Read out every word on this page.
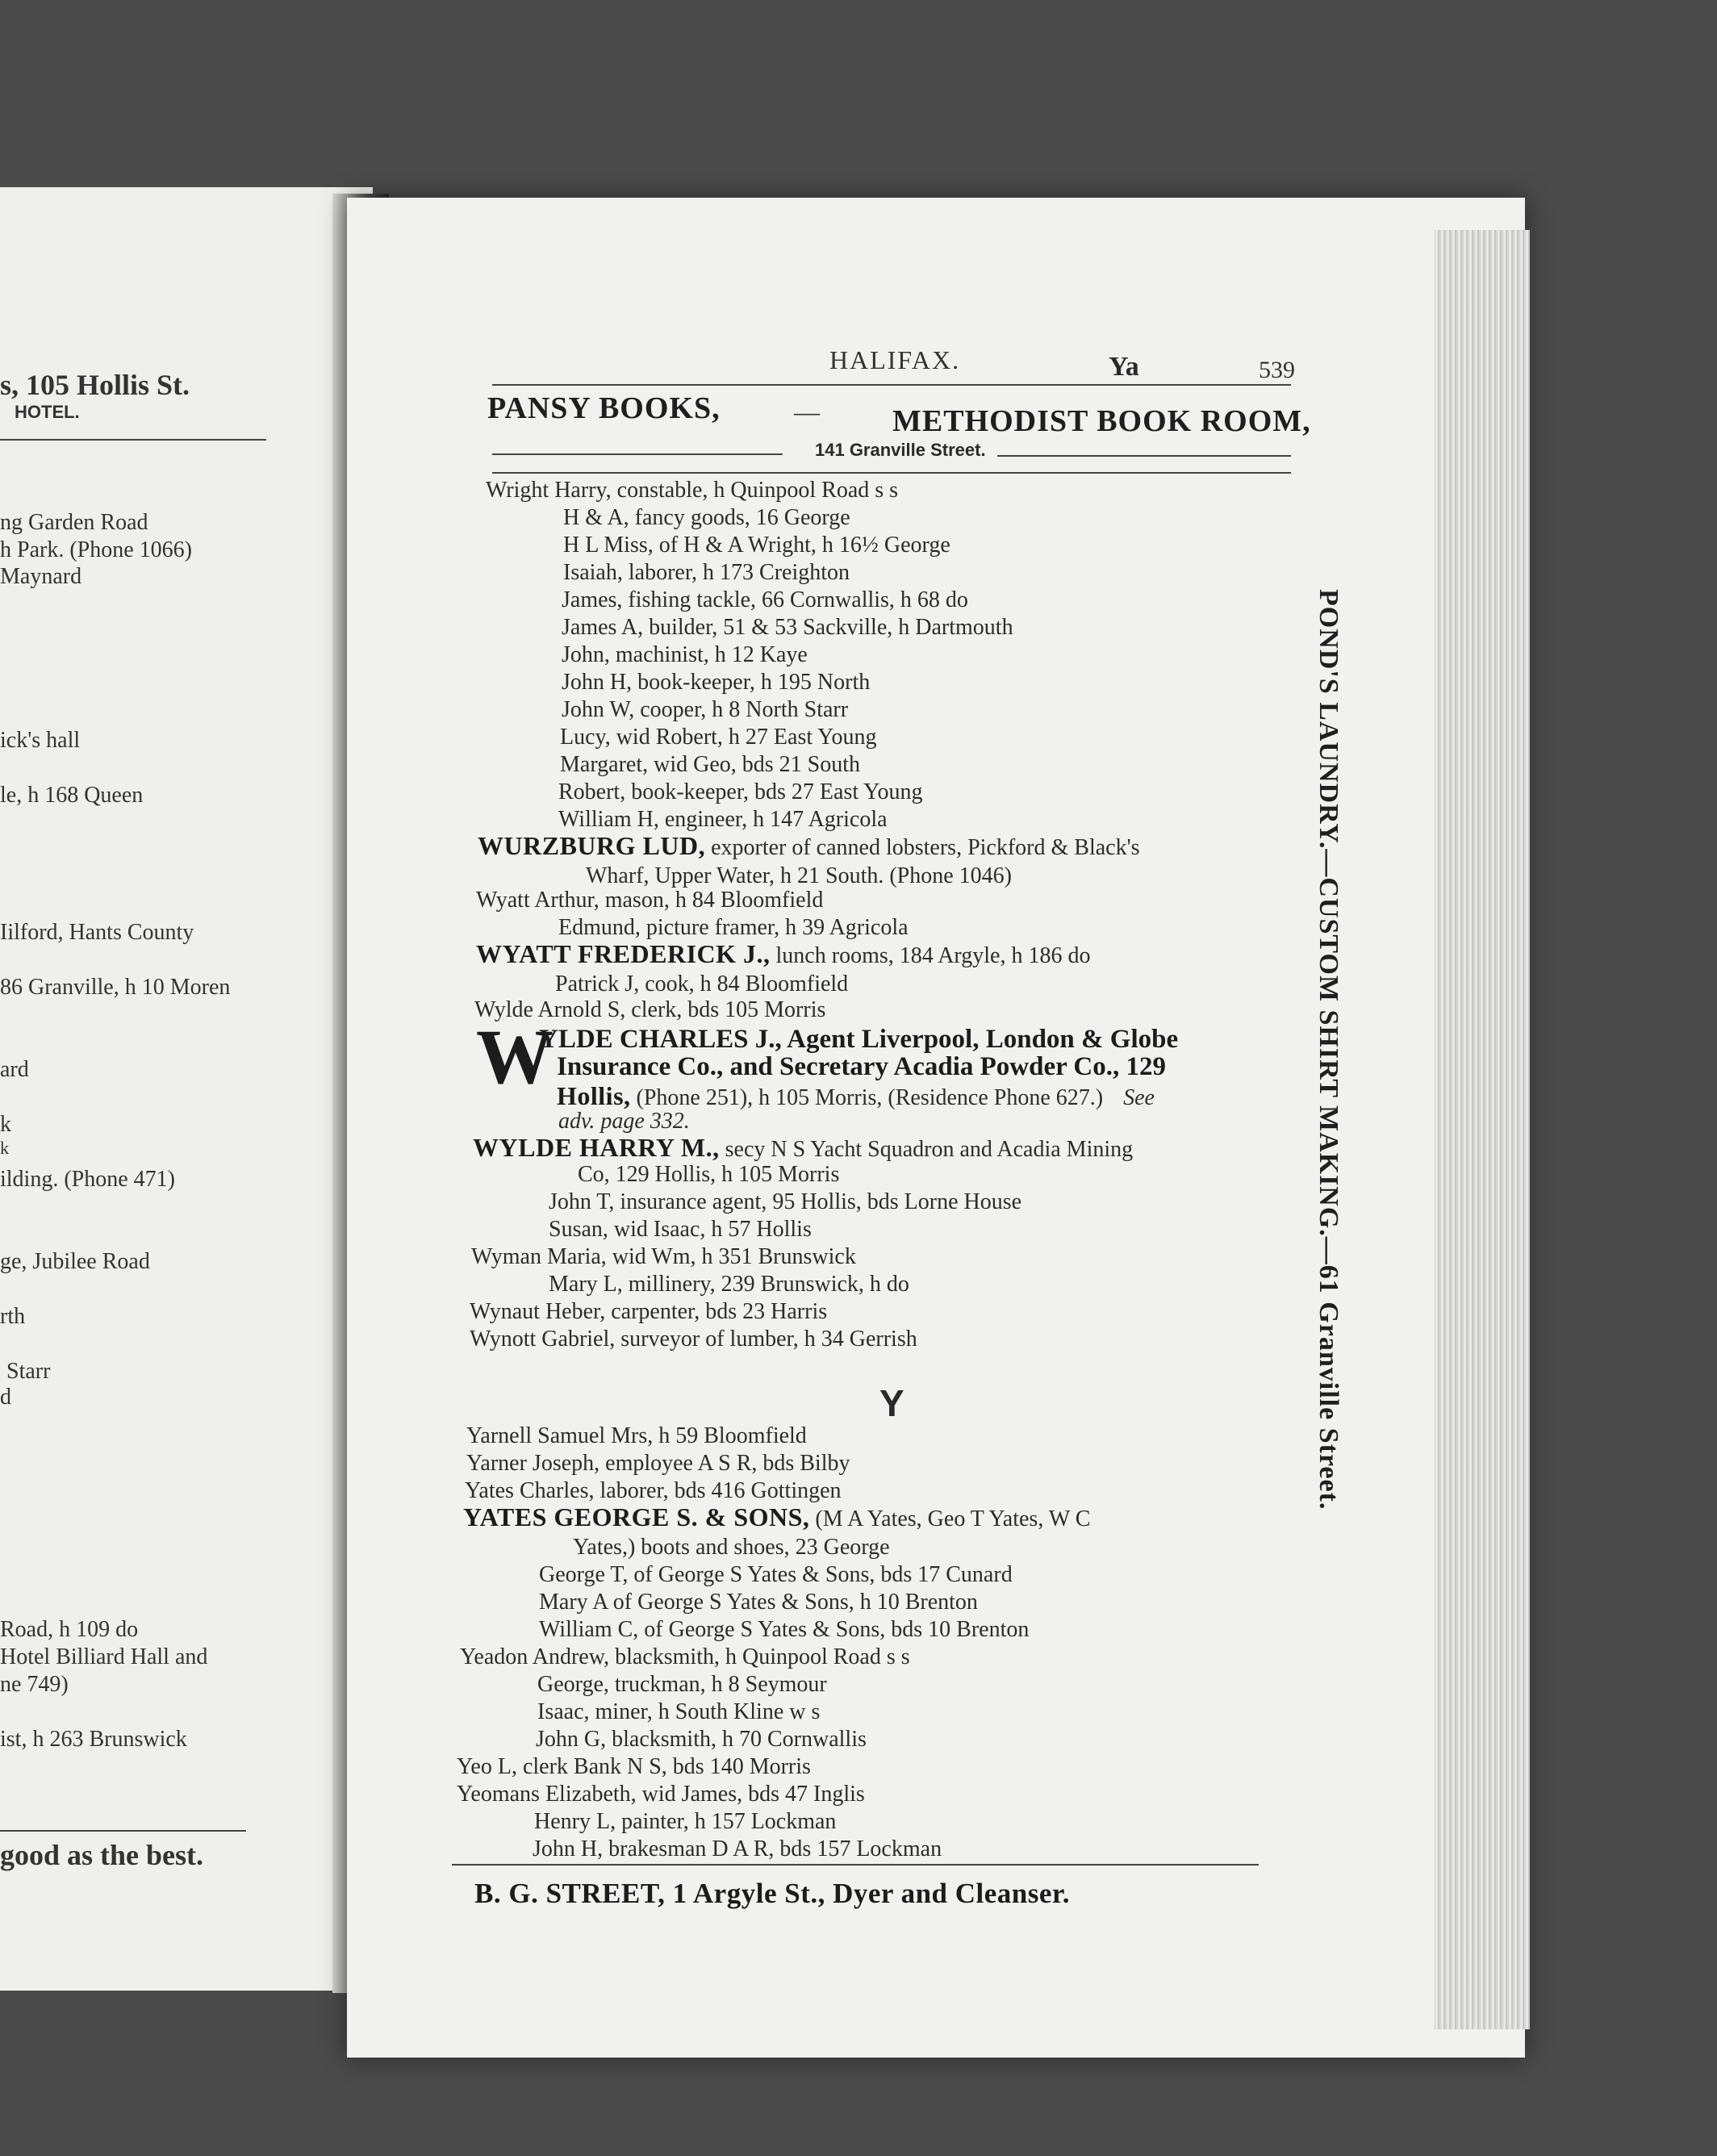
s, 105 Hollis St.
HOTEL.
ng Garden Road
h Park. (Phone 1066)
Maynard
ick's hall
le, h 168 Queen
Iilford, Hants County
86 Granville, h 10 Moren
ard
k
k
ilding. (Phone 471)
ge, Jubilee Road
rth
Starr
d
Road, h 109 do
Hotel Billiard Hall and
ne 749)
ist, h 263 Brunswick
good as the best.
HALIFAX.	Ya	539
PANSY BOOKS,	— METHODIST BOOK ROOM,
141 Granville Street.
Wright Harry, constable, h Quinpool Road s s
H & A, fancy goods, 16 George
H L Miss, of H & A Wright, h 16½ George
Isaiah, laborer, h 173 Creighton
James, fishing tackle, 66 Cornwallis, h 68 do
James A, builder, 51 & 53 Sackville, h Dartmouth
John, machinist, h 12 Kaye
John H, book-keeper, h 195 North
John W, cooper, h 8 North Starr
Lucy, wid Robert, h 27 East Young
Margaret, wid Geo, bds 21 South
Robert, book-keeper, bds 27 East Young
William H, engineer, h 147 Agricola
WURZBURG LUD, exporter of canned lobsters, Pickford & Black's
Wharf, Upper Water, h 21 South. (Phone 1046)
Wyatt Arthur, mason, h 84 Bloomfield
Edmund, picture framer, h 39 Agricola
WYATT FREDERICK J., lunch rooms, 184 Argyle, h 186 do
Patrick J, cook, h 84 Bloomfield
Wylde Arnold S, clerk, bds 105 Morris
W
YLDE CHARLES J., Agent Liverpool, London & Globe
Insurance Co., and Secretary Acadia Powder Co., 129
Hollis, (Phone 251), h 105 Morris, (Residence Phone 627.) See
adv. page 332.
WYLDE HARRY M., secy N S Yacht Squadron and Acadia Mining
Co, 129 Hollis, h 105 Morris
John T, insurance agent, 95 Hollis, bds Lorne House
Susan, wid Isaac, h 57 Hollis
Wyman Maria, wid Wm, h 351 Brunswick
Mary L, millinery, 239 Brunswick, h do
Wynaut Heber, carpenter, bds 23 Harris
Wynott Gabriel, surveyor of lumber, h 34 Gerrish
Y
Yarnell Samuel Mrs, h 59 Bloomfield
Yarner Joseph, employee A S R, bds Bilby
Yates Charles, laborer, bds 416 Gottingen
YATES GEORGE S. & SONS, (M A Yates, Geo T Yates, W C
Yates,) boots and shoes, 23 George
George T, of George S Yates & Sons, bds 17 Cunard
Mary A of George S Yates & Sons, h 10 Brenton
William C, of George S Yates & Sons, bds 10 Brenton
Yeadon Andrew, blacksmith, h Quinpool Road s s
George, truckman, h 8 Seymour
Isaac, miner, h South Kline w s
John G, blacksmith, h 70 Cornwallis
Yeo L, clerk Bank N S, bds 140 Morris
Yeomans Elizabeth, wid James, bds 47 Inglis
Henry L, painter, h 157 Lockman
John H, brakesman D A R, bds 157 Lockman
B. G. STREET, 1 Argyle St., Dyer and Cleanser.
POND'S LAUNDRY.—CUSTOM SHIRT MAKING.—61 Granville Street.
